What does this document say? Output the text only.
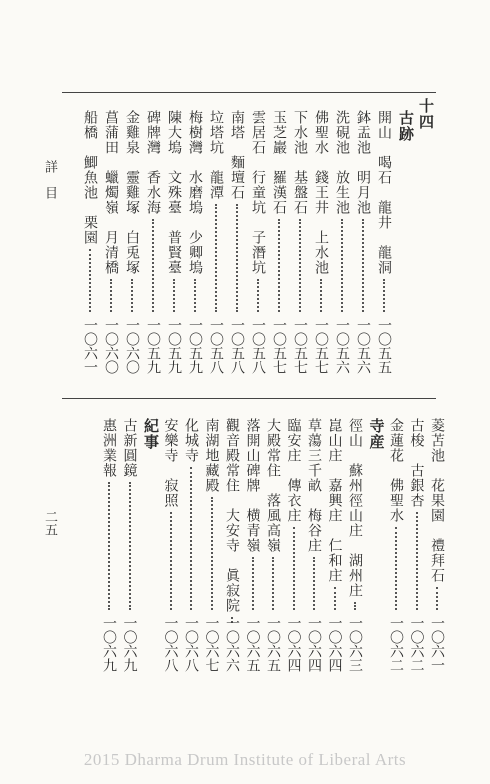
十四
古跡
開山　喝石　龍井　龍洞
一〇五五
鉢盂池　明月池
一〇五六
洗硯池　放生池
一〇五六
佛聖水　錢王井　上水池
一〇五七
下水池　基盤石
一〇五七
玉芝巖　羅漢石
一〇五七
雲居石　行童坑　子潛坑
一〇五八
南塔　麵壇石
一〇五八
垃塔坑　龍潭
一〇五八
梅樹灣　水磨塢　少卿塢
一〇五九
陳大塢　文殊臺　普賢臺
一〇五九
碑牌灣　香水海
一〇五九
金雞泉　靈雞塚　白兎塚
一〇六〇
菖蒲田　蠟燭嶺　月清橋
一〇六〇
船橋　鯽魚池　栗園
一〇六一
菱苫池　花果園　禮拜石
一〇六一
古梭　古銀杏
一〇六二
金蓮花　佛聖水
一〇六二
寺産
徑山　蘇州徑山庄　湖州庄
一〇六三
崑山庄　嘉興庄　仁和庄
一〇六四
草蕩三千畝　梅谷庄
一〇六四
臨安庄　傳衣庄
一〇六四
大殿常住　落風高嶺
一〇六五
落開山碑牌　横青嶺
一〇六五
觀音殿常住　大安寺　眞寂院
一〇六六
南湖地藏殿
一〇六七
化城寺
一〇六八
安樂寺　寂照
一〇六八
紀事
古新圓鏡
一〇六九
惠洲業報
一〇六九
詳　目
二五
2015 Dharma Drum Institute of Liberal Arts
